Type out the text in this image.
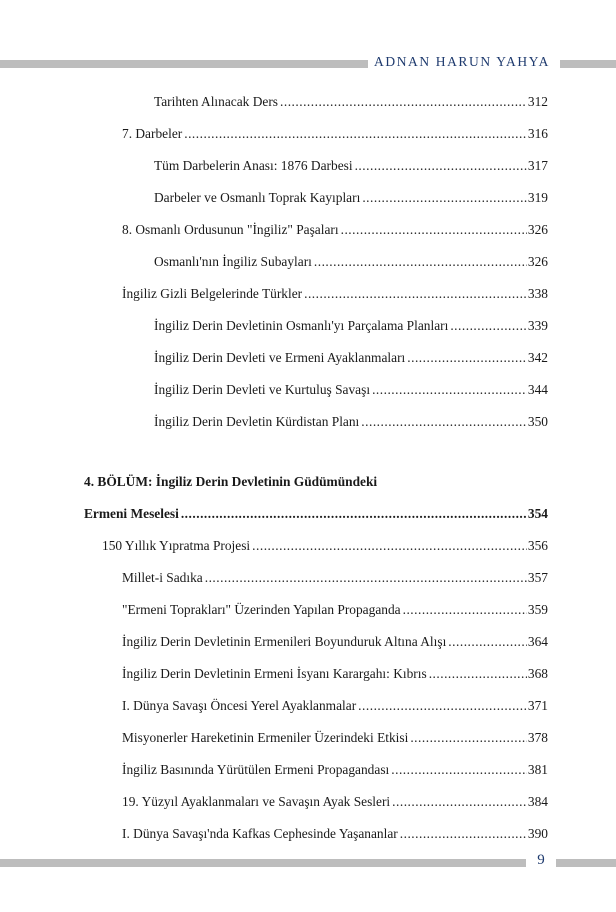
ADNAN HARUN YAHYA
Tarihten Alınacak Ders .....	312
7. Darbeler .....	316
Tüm Darbelerin Anası: 1876 Darbesi .....	317
Darbeler ve Osmanlı Toprak Kayıpları .....	319
8. Osmanlı Ordusunun "İngiliz" Paşaları .....	326
Osmanlı'nın İngiliz Subayları .....	326
İngiliz Gizli Belgelerinde Türkler .....	338
İngiliz Derin Devletinin Osmanlı'yı Parçalama Planları .....	339
İngiliz Derin Devleti ve Ermeni Ayaklanmaları .....	342
İngiliz Derin Devleti ve Kurtuluş Savaşı .....	344
İngiliz Derin Devletin Kürdistan Planı .....	350
4. BÖLÜM: İngiliz Derin Devletinin Güdümündeki
Ermeni Meselesi .....	354
150 Yıllık Yıpratma Projesi .....	356
Millet-i Sadıka .....	357
"Ermeni Toprakları" Üzerinden Yapılan Propaganda .....	359
İngiliz Derin Devletinin Ermenileri Boyunduruk Altına Alışı .....	364
İngiliz Derin Devletinin Ermeni İsyanı Karargahı: Kıbrıs .....	368
I. Dünya Savaşı Öncesi Yerel Ayaklanmalar .....	371
Misyonerler Hareketinin Ermeniler Üzerindeki Etkisi .....	378
İngiliz Basınında Yürütülen Ermeni Propagandası .....	381
19. Yüzyıl Ayaklanmaları ve Savaşın Ayak Sesleri .....	384
I. Dünya Savaşı'nda Kafkas Cephesinde Yaşananlar .....	390
9
